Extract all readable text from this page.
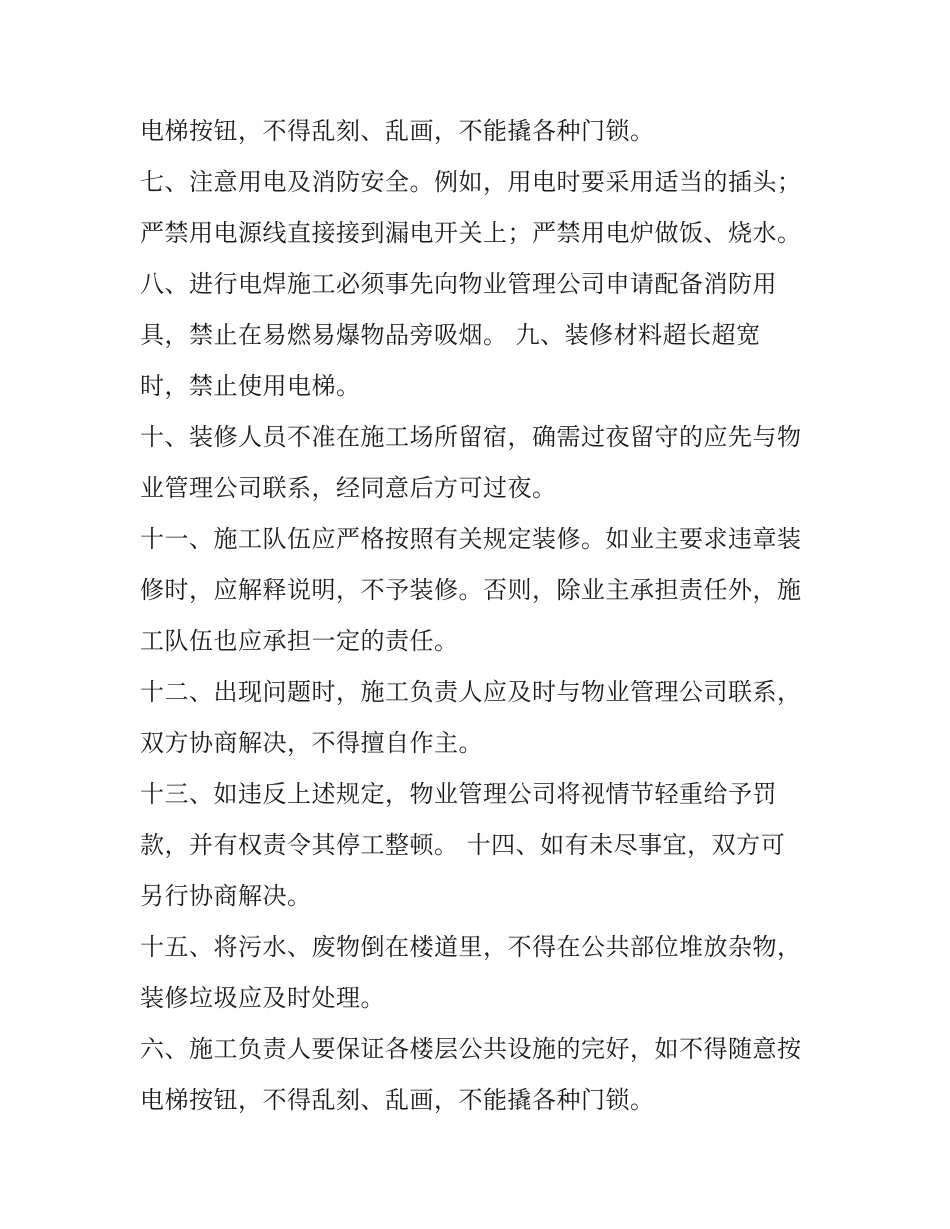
电梯按钮，不得乱刻、乱画，不能撬各种门锁。
七、注意用电及消防安全。例如，用电时要采用适当的插头；
严禁用电源线直接接到漏电开关上；严禁用电炉做饭、烧水。
八、进行电焊施工必须事先向物业管理公司申请配备消防用
具，禁止在易燃易爆物品旁吸烟。 九、装修材料超长超宽
时，禁止使用电梯。
十、装修人员不准在施工场所留宿，确需过夜留守的应先与物
业管理公司联系，经同意后方可过夜。
十一、施工队伍应严格按照有关规定装修。如业主要求违章装
修时，应解释说明，不予装修。否则，除业主承担责任外，施
工队伍也应承担一定的责任。
十二、出现问题时，施工负责人应及时与物业管理公司联系，
双方协商解决，不得擅自作主。
十三、如违反上述规定，物业管理公司将视情节轻重给予罚
款，并有权责令其停工整顿。 十四、如有未尽事宜，双方可
另行协商解决。
十五、将污水、废物倒在楼道里，不得在公共部位堆放杂物，
装修垃圾应及时处理。
六、施工负责人要保证各楼层公共设施的完好，如不得随意按
电梯按钮，不得乱刻、乱画，不能撬各种门锁。
